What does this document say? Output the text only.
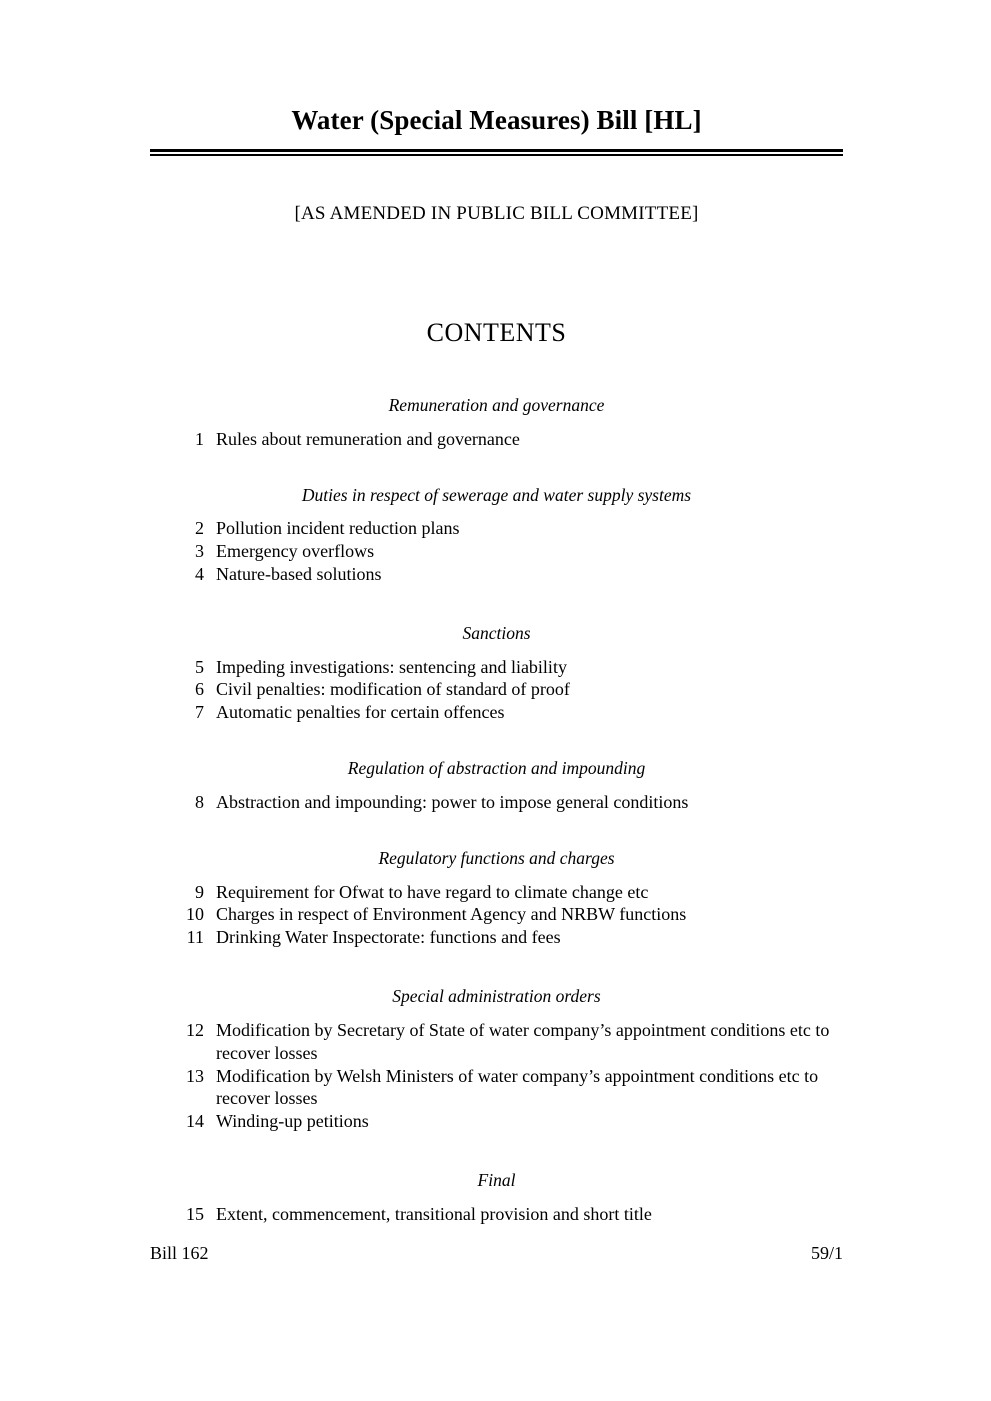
Water (Special Measures) Bill [HL]

[AS AMENDED IN PUBLIC BILL COMMITTEE]

CONTENTS
Remuneration and governance
1 Rules about remuneration and governance
Duties in respect of sewerage and water supply systems
2 Pollution incident reduction plans
3 Emergency overflows
4 Nature-based solutions
Sanctions
5 Impeding investigations: sentencing and liability
6 Civil penalties: modification of standard of proof
7 Automatic penalties for certain offences
Regulation of abstraction and impounding
8 Abstraction and impounding: power to impose general conditions
Regulatory functions and charges
9 Requirement for Ofwat to have regard to climate change etc
10 Charges in respect of Environment Agency and NRBW functions
11 Drinking Water Inspectorate: functions and fees
Special administration orders
12 Modification by Secretary of State of water company’s appointment conditions etc to recover losses
13 Modification by Welsh Ministers of water company’s appointment conditions etc to recover losses
14 Winding-up petitions
Final
15 Extent, commencement, transitional provision and short title
Bill 162	59/1
